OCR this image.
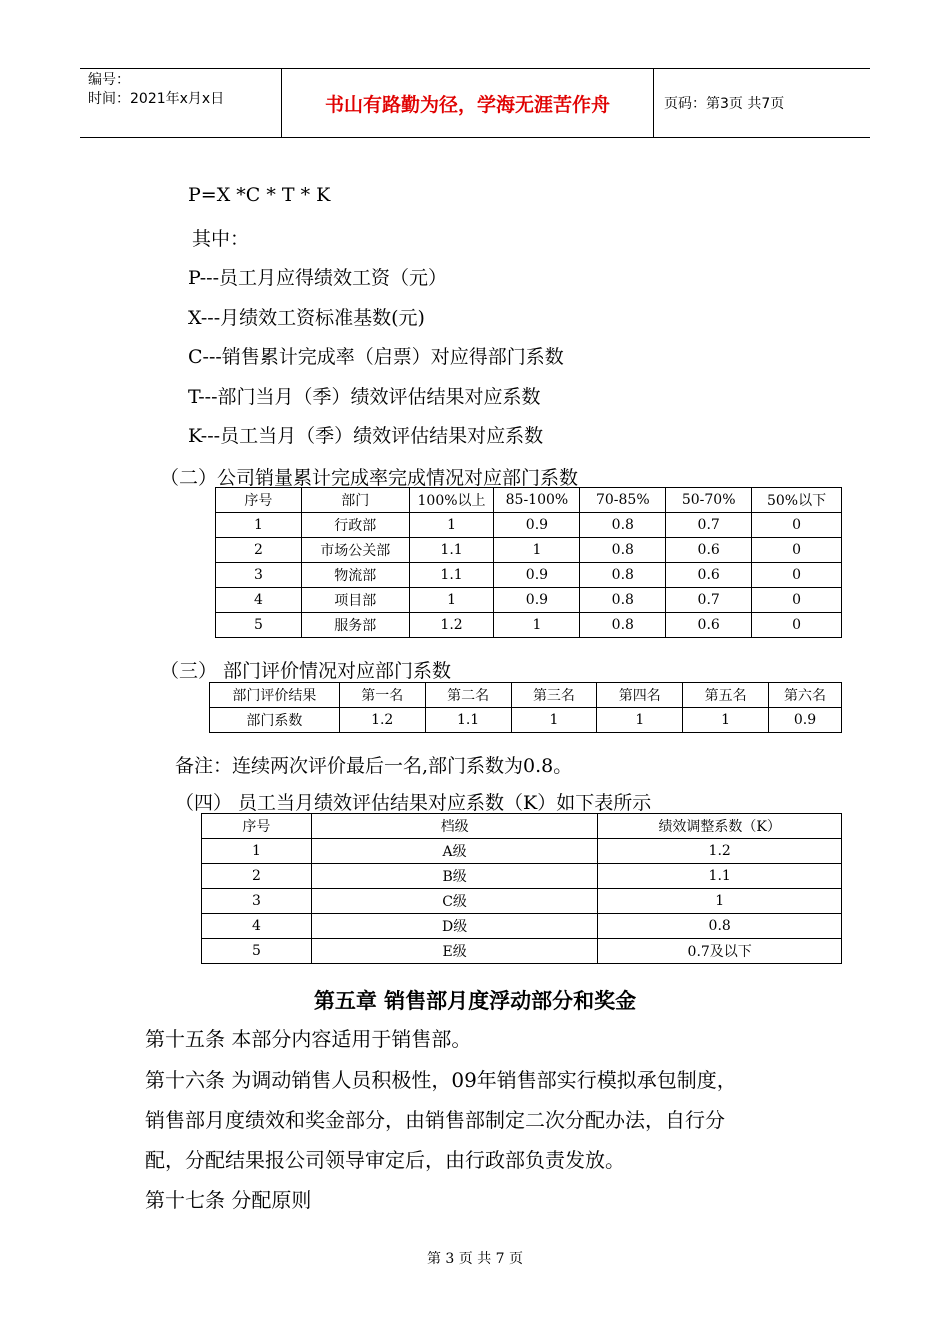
编号：
时间：2021年x月x日	书山有路勤为径，学海无涯苦作舟	页码：第3页 共7页
P=X *C * T * K
其中：
P---员工月应得绩效工资（元）
X---月绩效工资标准基数(元)
C---销售累计完成率（启票）对应得部门系数
T---部门当月（季）绩效评估结果对应系数
K---员工当月（季）绩效评估结果对应系数
（二）公司销量累计完成率完成情况对应部门系数
序号	部门	100%以上	85-100%	70-85%	50-70%	50%以下
1	行政部	1	0.9	0.8	0.7	0
2	市场公关部	1.1	1	0.8	0.6	0
3	物流部	1.1	0.9	0.8	0.6	0
4	项目部	1	0.9	0.8	0.7	0
5	服务部	1.2	1	0.8	0.6	0
（三） 部门评价情况对应部门系数
部门评价结果	第一名	第二名	第三名	第四名	第五名	第六名
部门系数	1.2	1.1	1	1	1	0.9
备注：连续两次评价最后一名,部门系数为0.8。
（四） 员工当月绩效评估结果对应系数（K）如下表所示
序号	档级	绩效调整系数（K）
1	A级	1.2
2	B级	1.1
3	C级	1
4	D级	0.8
5	E级	0.7及以下
第五章 销售部月度浮动部分和奖金
第十五条 本部分内容适用于销售部。
第十六条 为调动销售人员积极性，09年销售部实行模拟承包制度，
销售部月度绩效和奖金部分，由销售部制定二次分配办法，自行分
配，分配结果报公司领导审定后，由行政部负责发放。
第十七条 分配原则
第 3 页 共 7 页
